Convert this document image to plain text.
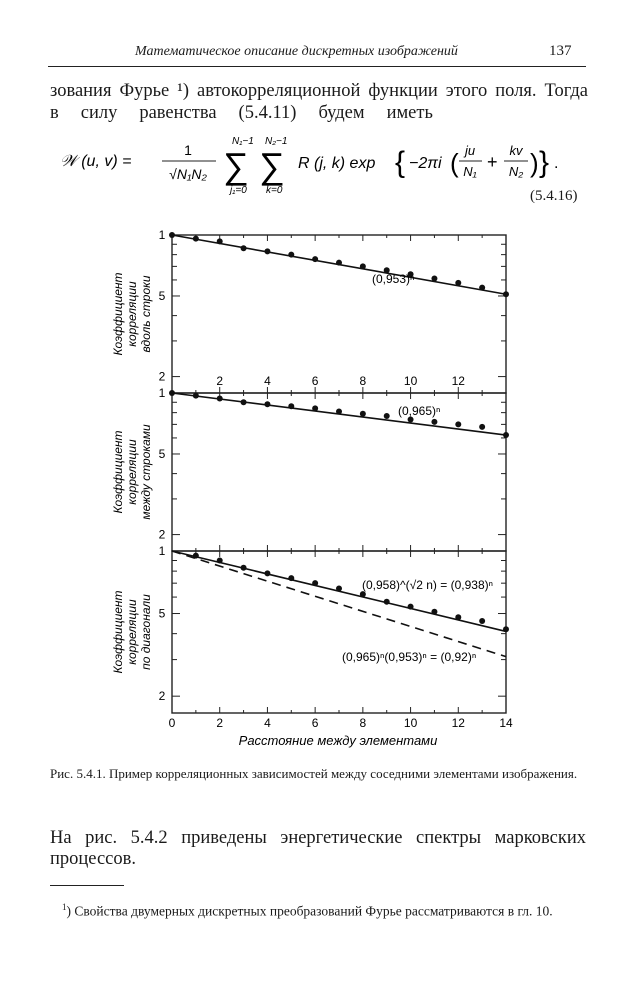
Математическое описание дискретных изображений	137
зования Фурье ¹) автокорреляционной функции этого поля. Тогда
в силу равенства (5.4.11) будем иметь
𝒲 (u, v) =
1
√N₁N₂
N₁−1
∑
j₁=0
N₂−1
∑
k=0
R (j, k) exp { −2πi ( ju
N₁ +
kv
N₂ ) } .
(5.4.16)
1
5
2
(0,953)ⁿ
Коэффициент корреляции вдоль строки
1
5
2
(0,965)ⁿ
Коэффициент корреляции между строками
1
5
2
(0,958)^(√2 n) = (0,938)ⁿ
(0,965)ⁿ(0,953)ⁿ = (0,92)ⁿ
Коэффициент корреляции по диагонали
2	4	6	8	10	12
0	2	4	6	8	10	12	14
Расстояние между элементами
Рис. 5.4.1. Пример корреляционных зависимостей между соседними элементами изображения.
На рис. 5.4.2 приведены энергетические спектры марковских процессов.
$^1$) Свойства двумерных дискретных преобразований Фурье рассматриваются в гл. 10.
